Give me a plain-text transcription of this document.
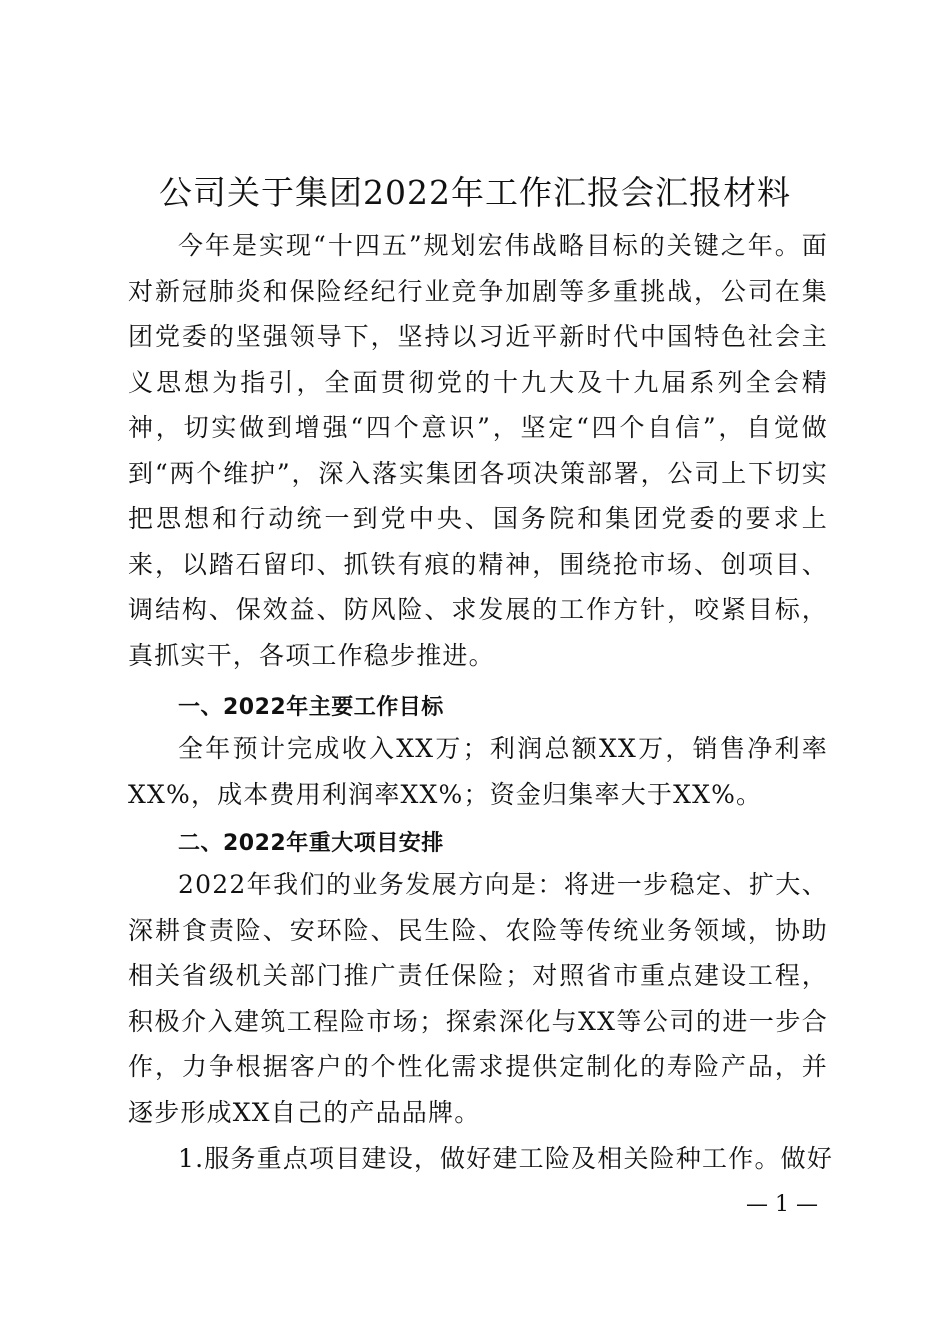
公司关于集团2022年工作汇报会汇报材料

今年是实现“十四五”规划宏伟战略目标的关键之年。面对新冠肺炎和保险经纪行业竞争加剧等多重挑战，公司在集团党委的坚强领导下，坚持以习近平新时代中国特色社会主义思想为指引，全面贯彻党的十九大及十九届系列全会精神，切实做到增强“四个意识”，坚定“四个自信”，自觉做到“两个维护”，深入落实集团各项决策部署，公司上下切实把思想和行动统一到党中央、国务院和集团党委的要求上来，以踏石留印、抓铁有痕的精神，围绕抢市场、创项目、调结构、保效益、防风险、求发展的工作方针，咬紧目标，真抓实干，各项工作稳步推进。

一、2022年主要工作目标

全年预计完成收入XX万；利润总额XX万，销售净利率XX%，成本费用利润率XX%；资金归集率大于XX%。

二、2022年重大项目安排

2022年我们的业务发展方向是：将进一步稳定、扩大、深耕食责险、安环险、民生险、农险等传统业务领域，协助相关省级机关部门推广责任保险；对照省市重点建设工程，积极介入建筑工程险市场；探索深化与XX等公司的进一步合作，力争根据客户的个性化需求提供定制化的寿险产品，并逐步形成XX自己的产品品牌。

1.服务重点项目建设，做好建工险及相关险种工作。做好

— 1 —
